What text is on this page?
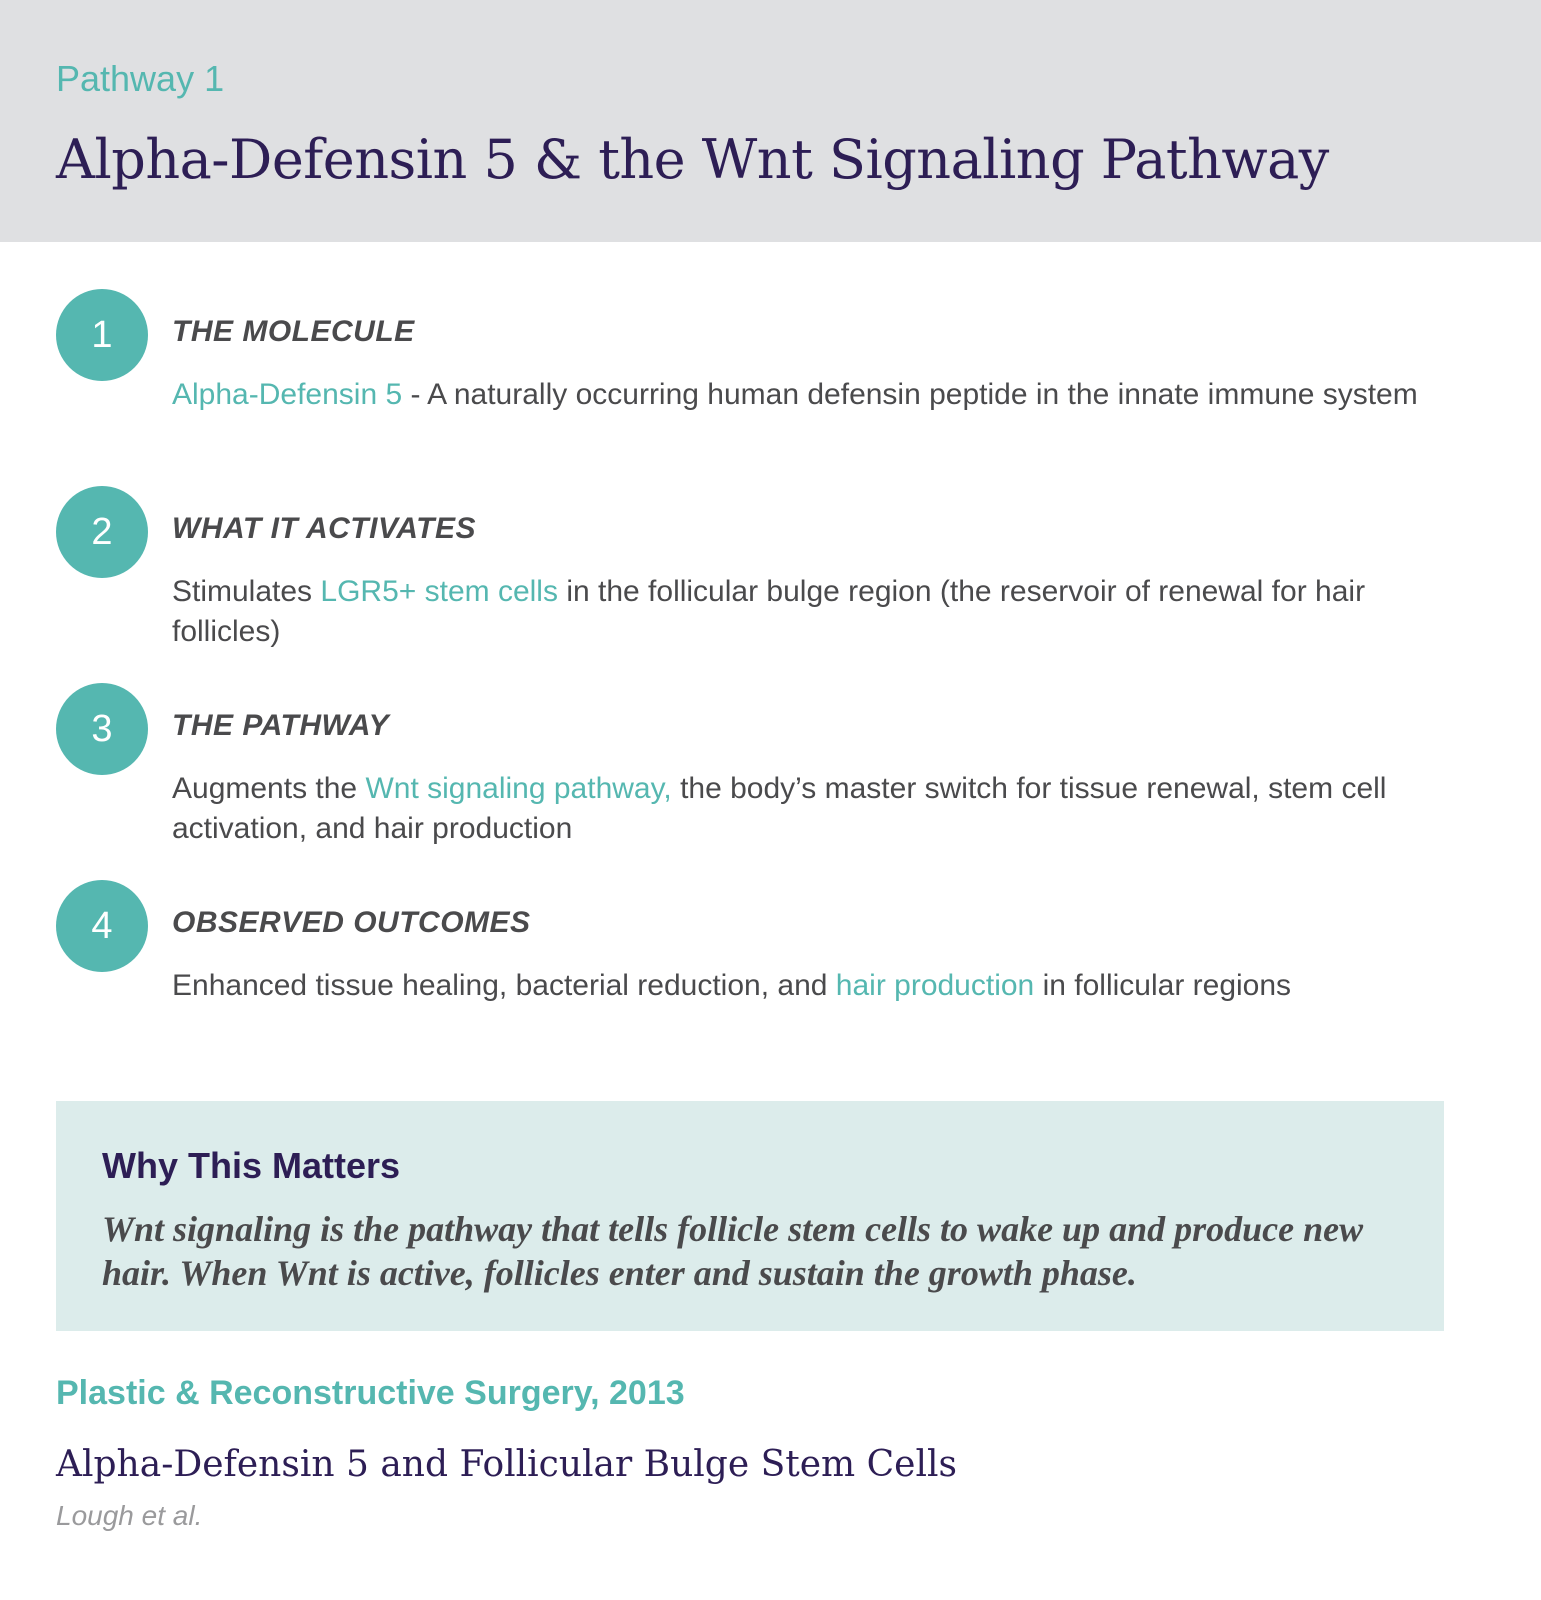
Pathway 1
Alpha-Defensin 5 & the Wnt Signaling Pathway
1	THE MOLECULE

Alpha-Defensin 5 - A naturally occurring human defensin peptide in the innate immune system

2	WHAT IT ACTIVATES

Stimulates LGR5+ stem cells in the follicular bulge region (the reservoir of renewal for hair follicles)

3	THE PATHWAY

Augments the Wnt signaling pathway, the body’s master switch for tissue renewal, stem cell activation, and hair production

4	OBSERVED OUTCOMES

Enhanced tissue healing, bacterial reduction, and hair production in follicular regions

Why This Matters

Wnt signaling is the pathway that tells follicle stem cells to wake up and produce new hair. When Wnt is active, follicles enter and sustain the growth phase.

Plastic & Reconstructive Surgery, 2013
Alpha-Defensin 5 and Follicular Bulge Stem Cells
Lough et al.
